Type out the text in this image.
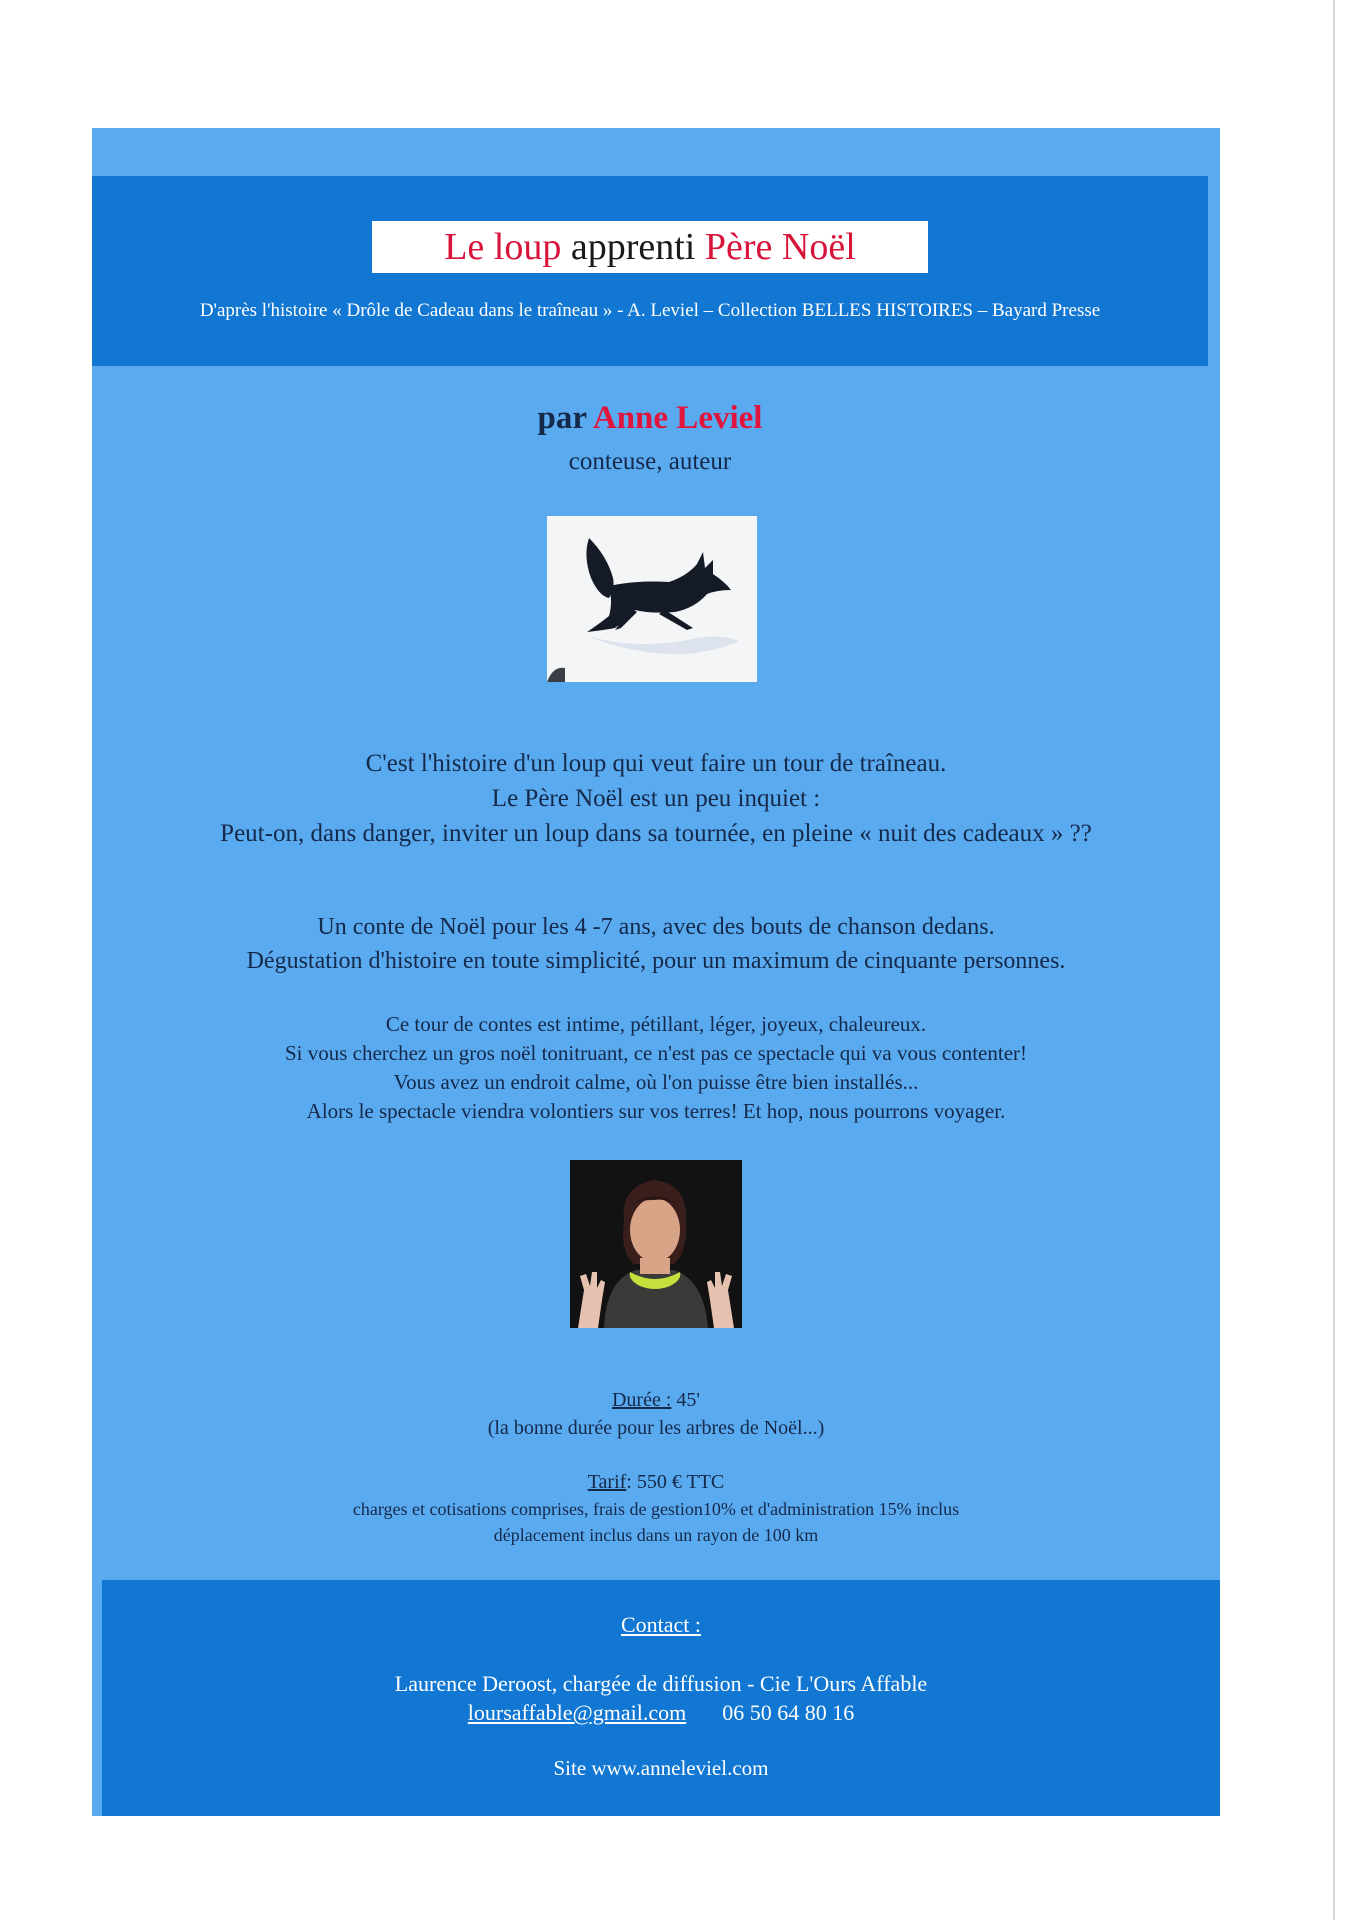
Le loup apprenti Père Noël
D'après l'histoire « Drôle de Cadeau dans le traîneau » - A. Leviel – Collection BELLES HISTOIRES – Bayard Presse
par Anne Leviel
conteuse, auteur

C'est l'histoire d'un loup qui veut faire un tour de traîneau.

Le Père Noël est un peu inquiet :

Peut-on, dans danger, inviter un loup dans sa tournée, en pleine « nuit des cadeaux » ??

Un conte de Noël pour les 4 -7 ans, avec des bouts de chanson dedans.

Dégustation d'histoire en toute simplicité, pour un maximum de cinquante personnes.

Ce tour de contes est intime, pétillant, léger, joyeux, chaleureux.

Si vous cherchez un gros noël tonitruant, ce n'est pas ce spectacle qui va vous contenter!

Vous avez un endroit calme, où l'on puisse être bien installés...

Alors le spectacle viendra volontiers sur vos terres! Et hop, nous pourrons voyager.

Durée : 45'

(la bonne durée pour les arbres de Noël...)

Tarif: 550 € TTC

charges et cotisations comprises, frais de gestion10% et d'administration 15% inclus

déplacement inclus dans un rayon de 100 km

Contact :
Laurence Deroost, chargée de diffusion - Cie L'Ours Affable
loursaffable@gmail.com 06 50 64 80 16
Site www.anneleviel.com
